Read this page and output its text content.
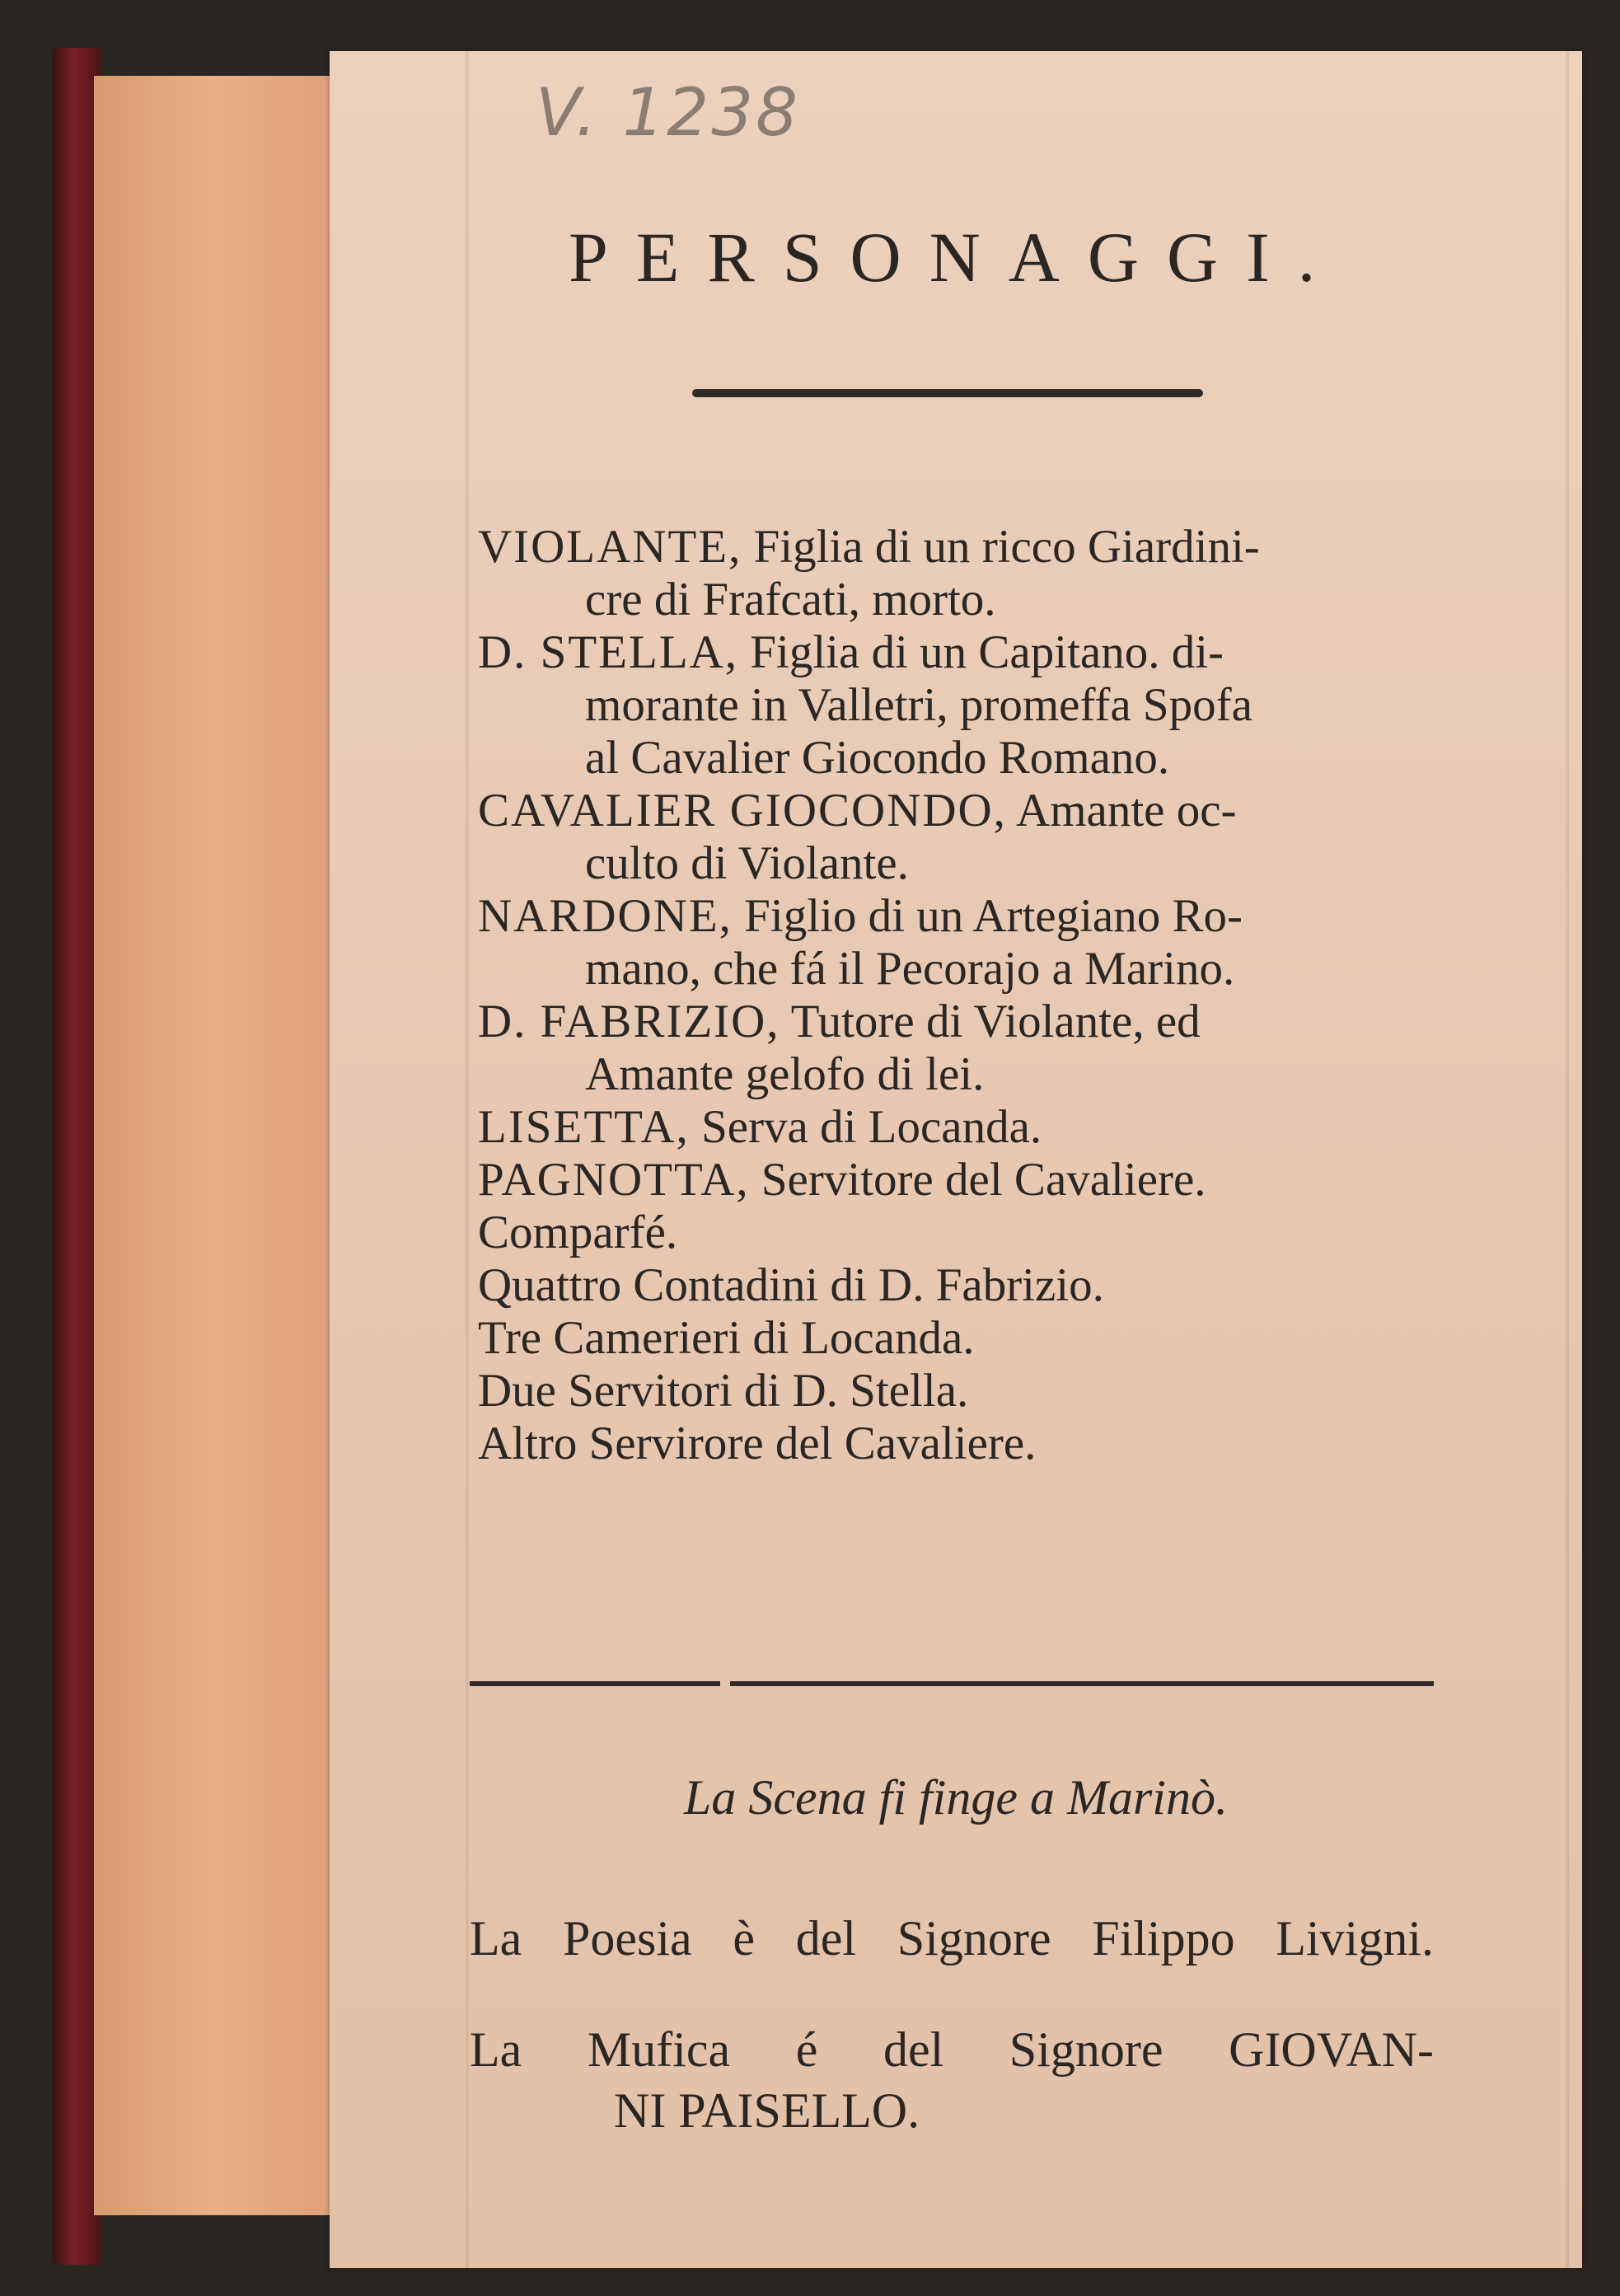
V. 1238
PERSONAGGI.

VIOLANTE, Figlia di un ricco Giardini-
cre di Frafcati, morto.

D. STELLA, Figlia di un Capitano. di-
morante in Valletri, promeffa Spofa
al Cavalier Giocondo Romano.

CAVALIER GIOCONDO, Amante oc-
culto di Violante.

NARDONE, Figlio di un Artegiano Ro-
mano, che fá il Pecorajo a Marino.

D. FABRIZIO, Tutore di Violante, ed
Amante gelofo di lei.

LISETTA, Serva di Locanda.

PAGNOTTA, Servitore del Cavaliere.

Comparfé.

Quattro Contadini di D. Fabrizio.

Tre Camerieri di Locanda.

Due Servitori di D. Stella.

Altro Servirore del Cavaliere.

La Scena fi finge a Marinò.
La Poesia è del Signore Filippo Livigni.
La Mufica é del Signore GIOVAN-
NI PAISELLO.
